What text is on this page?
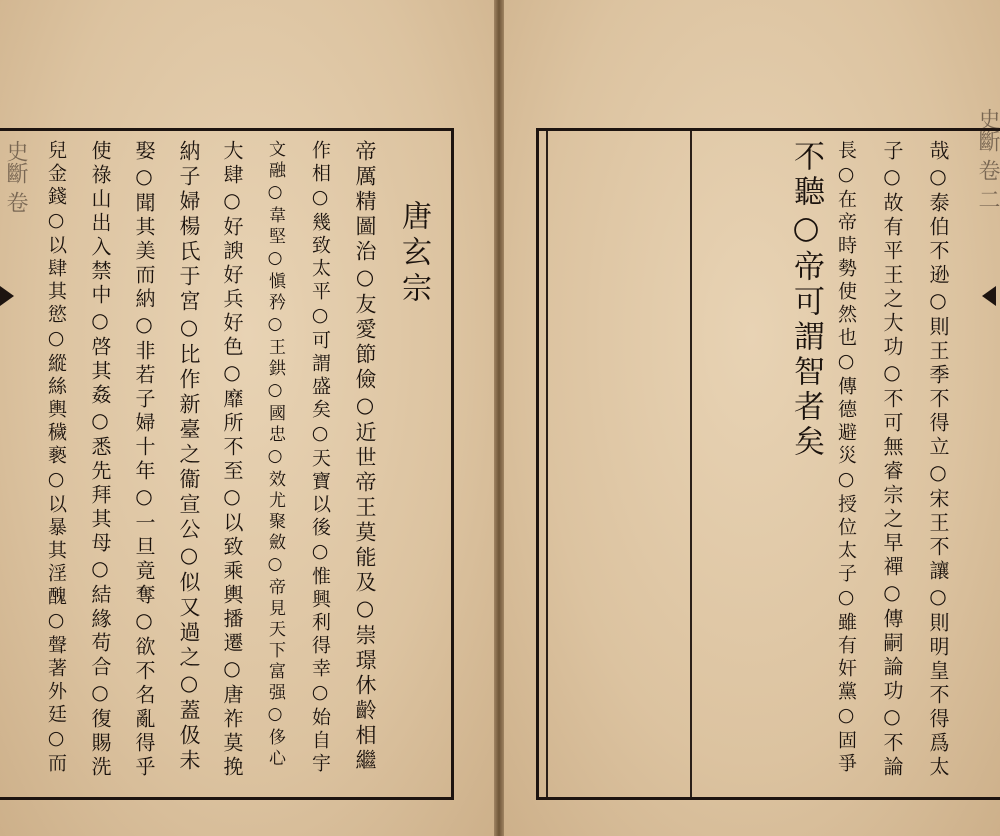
史斷 卷	史斷 卷 二
唐玄宗
帝厲精圖治○友愛節儉○近世帝王莫能及○崇璟休齡相繼
作相○幾致太平○可謂盛矣○天寶以後○惟興利得幸○始自宇
文融○韋堅○愼矜○王鉷○國忠○效尤聚斂○帝見天下富强○侈心
大肆○好諛好兵好色○靡所不至○以致乘輿播遷○唐祚莫挽
納子婦楊氏于宮○比作新臺之衞宣公○似又過之○蓋伋未
娶○聞其美而納○非若子婦十年○一旦竟奪○欲不名亂得乎
使祿山出入禁中○啓其姦○悉先拜其母○結緣苟合○復賜洗
兒金錢○以肆其慾○縱絲輿穢褻○以暴其淫醜○聲著外廷○而	哉○泰伯不逊○則王季不得立○宋王不讓○則明皇不得爲太
子○故有平王之大功○不可無睿宗之早禪○傳嗣論功○不論
長○在帝時勢使然也○傳德避災○授位太子○雖有奸黨○固爭
不聽○帝可謂智者矣
